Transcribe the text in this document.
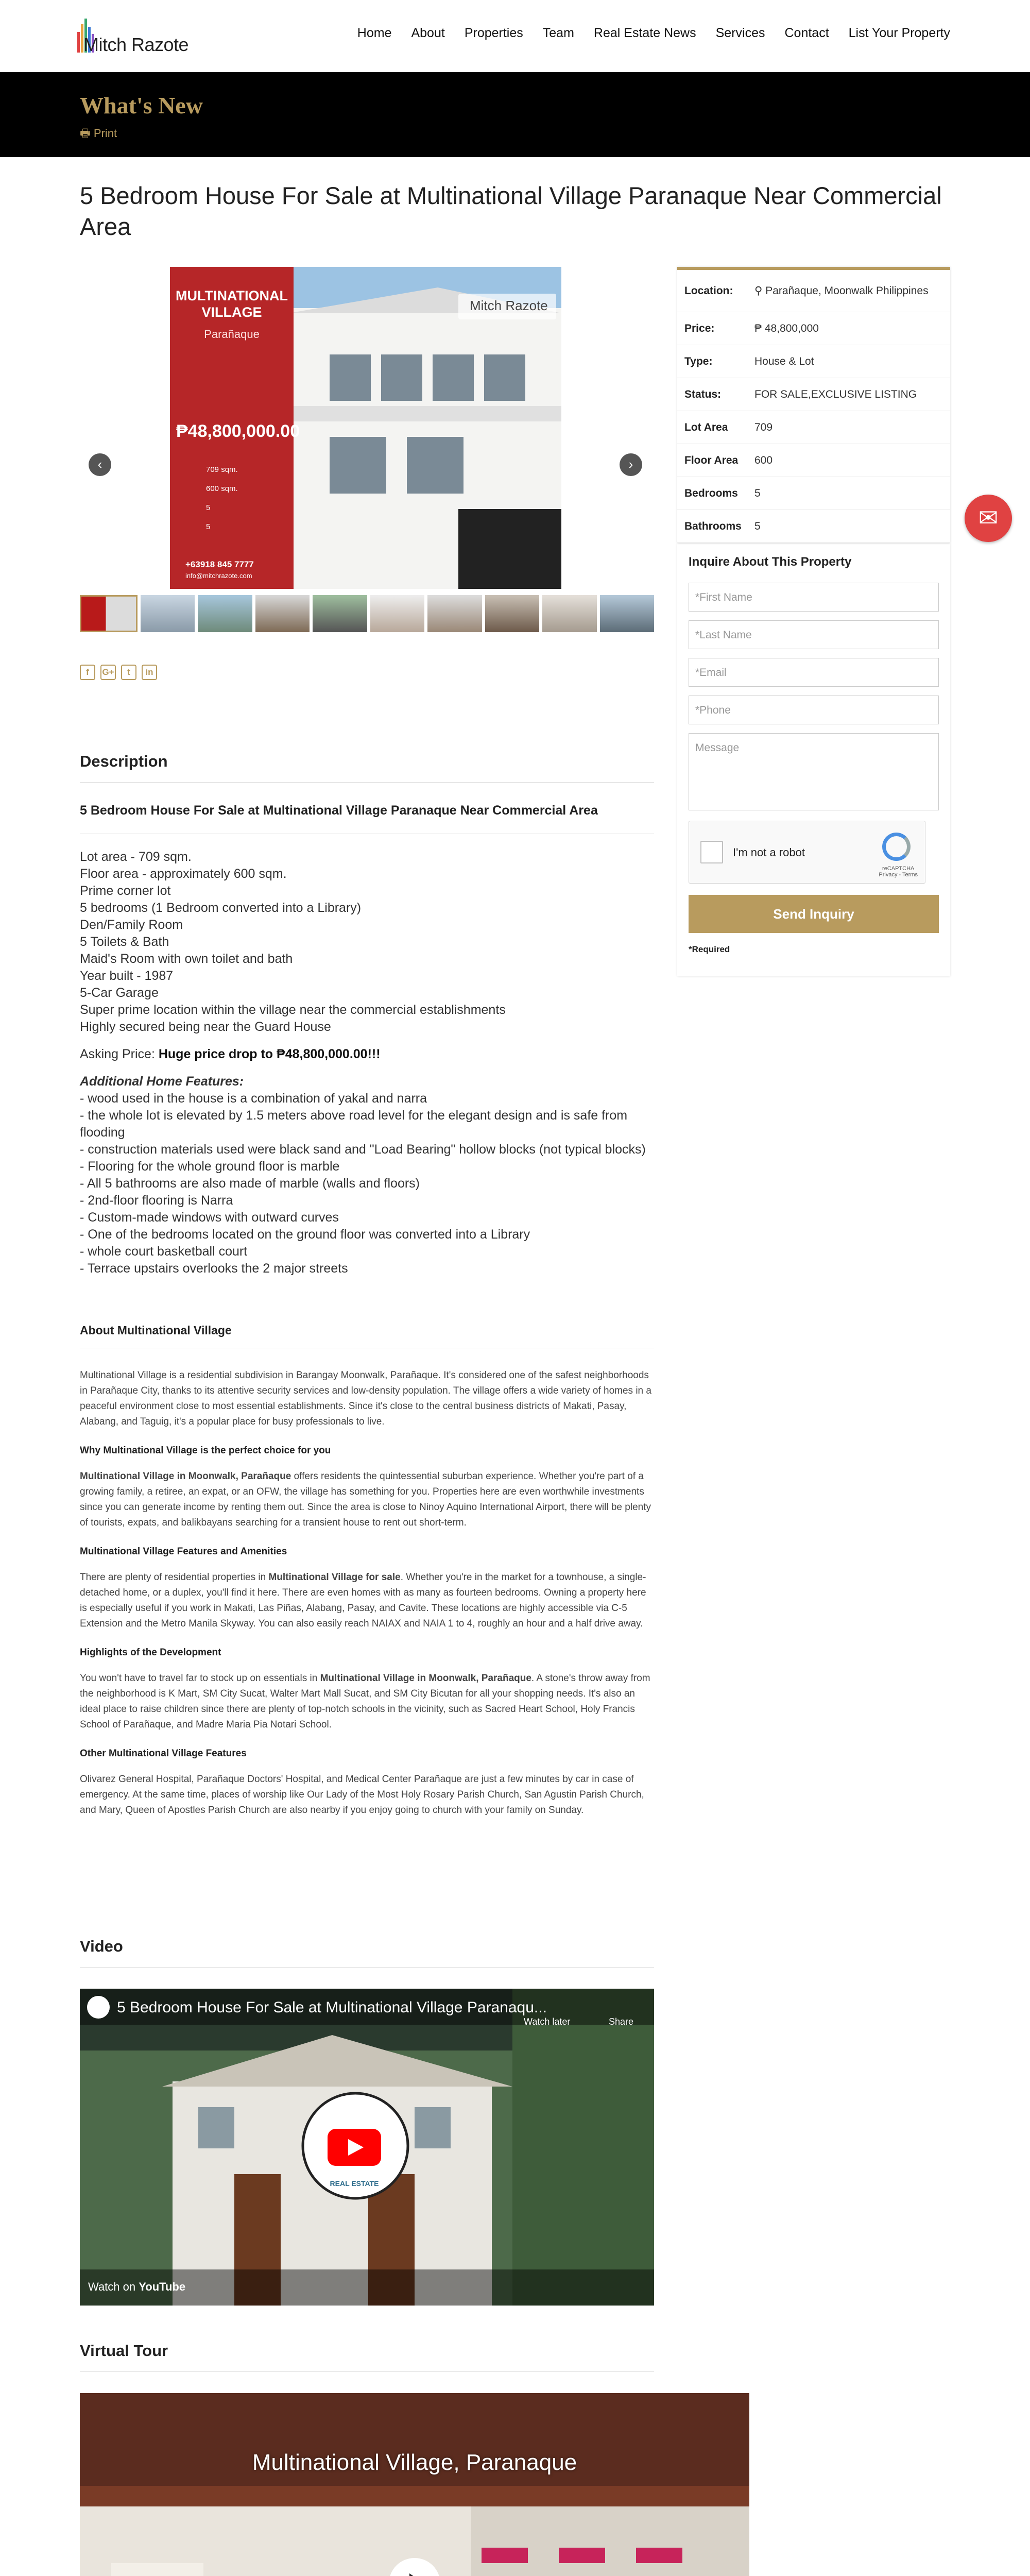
Mitch Razote
Home About Properties Team Real Estate News Services Contact List Your Property
What's New
🖶 Print
5 Bedroom House For Sale at Multinational Village Paranaque Near Commercial Area
MULTINATIONAL VILLAGE
Parañaque
₱48,800,000.00
709 sqm.
600 sqm.
5
5
+63918 845 7777
info@mitchrazote.com
Mitch Razote
‹	›
f	G+	t	in
Location:	⚲ Parañaque, Moonwalk Philippines
Price:	₱ 48,800,000
Type:	House & Lot
Status:	FOR SALE,EXCLUSIVE LISTING
Lot Area	709
Floor Area	600
Bedrooms	5
Bathrooms	5
Inquire About This Property
*First Name
*Last Name
*Email
*Phone
Message
I'm not a robot
reCAPTCHA
Privacy - Terms
Send Inquiry
*Required
✉
Description
5 Bedroom House For Sale at Multinational Village Paranaque Near Commercial Area
Lot area - 709 sqm.
Floor area - approximately 600 sqm.
Prime corner lot
5 bedrooms (1 Bedroom converted into a Library)
Den/Family Room
5 Toilets & Bath
Maid's Room with own toilet and bath
Year built - 1987
5-Car Garage
Super prime location within the village near the commercial establishments
Highly secured being near the Guard House
Asking Price: Huge price drop to ₱48,800,000.00!!!
Additional Home Features:
- wood used in the house is a combination of yakal and narra
- the whole lot is elevated by 1.5 meters above road level for the elegant design and is safe from flooding
- construction materials used were black sand and "Load Bearing" hollow blocks (not typical blocks)
- Flooring for the whole ground floor is marble
- All 5 bathrooms are also made of marble (walls and floors)
- 2nd-floor flooring is Narra
- Custom-made windows with outward curves
- One of the bedrooms located on the ground floor was converted into a Library
- whole court basketball court
- Terrace upstairs overlooks the 2 major streets
About Multinational Village
Multinational Village is a residential subdivision in Barangay Moonwalk, Parañaque. It's considered one of the safest neighborhoods in Parañaque City, thanks to its attentive security services and low-density population. The village offers a wide variety of homes in a peaceful environment close to most essential establishments. Since it's close to the central business districts of Makati, Pasay, Alabang, and Taguig, it's a popular place for busy professionals to live.
Why Multinational Village is the perfect choice for you
Multinational Village in Moonwalk, Parañaque offers residents the quintessential suburban experience. Whether you're part of a growing family, a retiree, an expat, or an OFW, the village has something for you. Properties here are even worthwhile investments since you can generate income by renting them out. Since the area is close to Ninoy Aquino International Airport, there will be plenty of tourists, expats, and balikbayans searching for a transient house to rent out short-term.
Multinational Village Features and Amenities
There are plenty of residential properties in Multinational Village for sale. Whether you're in the market for a townhouse, a single-detached home, or a duplex, you'll find it here. There are even homes with as many as fourteen bedrooms. Owning a property here is especially useful if you work in Makati, Las Piñas, Alabang, Pasay, and Cavite. These locations are highly accessible via C-5 Extension and the Metro Manila Skyway. You can also easily reach NAIAX and NAIA 1 to 4, roughly an hour and a half drive away.
Highlights of the Development
You won't have to travel far to stock up on essentials in Multinational Village in Moonwalk, Parañaque. A stone's throw away from the neighborhood is K Mart, SM City Sucat, Walter Mart Mall Sucat, and SM City Bicutan for all your shopping needs. It's also an ideal place to raise children since there are plenty of top-notch schools in the vicinity, such as Sacred Heart School, Holy Francis School of Parañaque, and Madre Maria Pia Notari School.
Other Multinational Village Features
Olivarez General Hospital, Parañaque Doctors' Hospital, and Medical Center Parañaque are just a few minutes by car in case of emergency. At the same time, places of worship like Our Lady of the Most Holy Rosary Parish Church, San Agustin Parish Church, and Mary, Queen of Apostles Parish Church are also nearby if you enjoy going to church with your family on Sunday.
Video
5 Bedroom House For Sale at Multinational Village Paranaqu...
Watch later	Share
REAL ESTATE
Watch on YouTube
Virtual Tour
Multinational Village, Paranaque
